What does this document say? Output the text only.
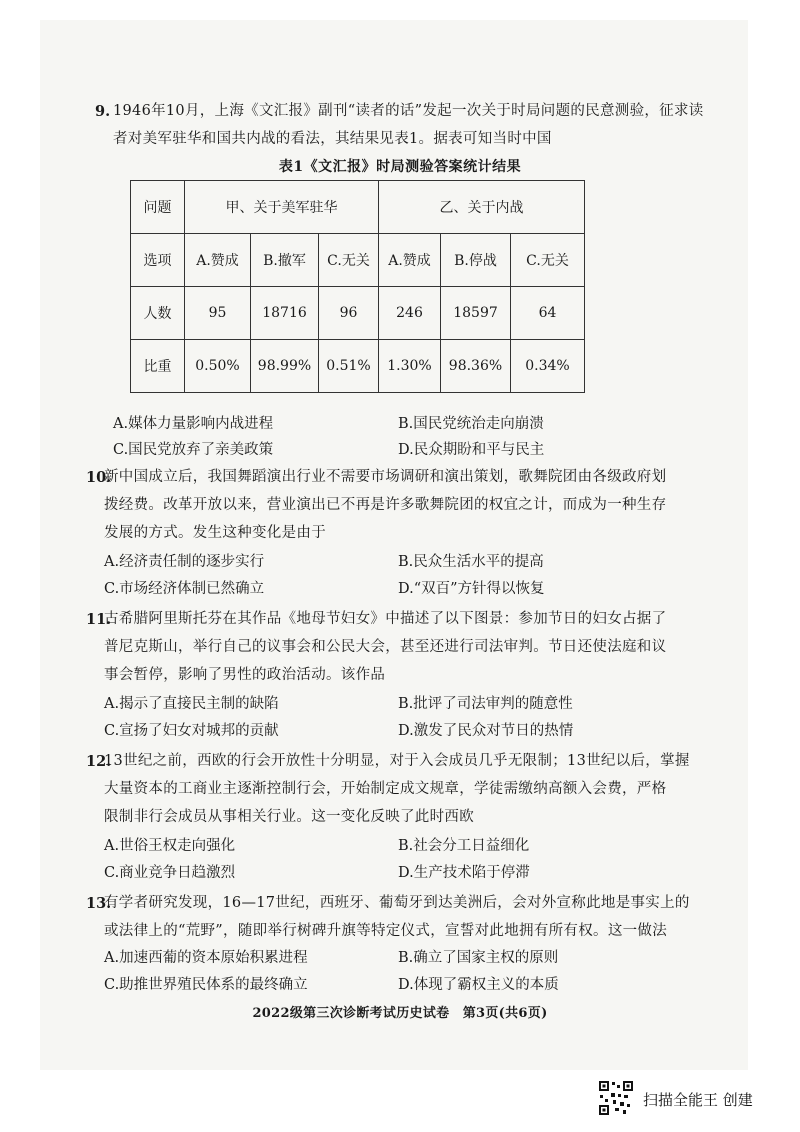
9. 1946年10月，上海《文汇报》副刊“读者的话”发起一次关于时局问题的民意测验，征求读
者对美军驻华和国共内战的看法，其结果见表1。据表可知当时中国
表1《文汇报》时局测验答案统计结果
问题	甲、关于美军驻华			乙、关于内战		
选项	A.赞成	B.撤军	C.无关	A.赞成	B.停战	C.无关
人数	95	18716	96	246	18597	64
比重	0.50%	98.99%	0.51%	1.30%	98.36%	0.34%
A.媒体力量影响内战进程	B.国民党统治走向崩溃
C.国民党放弃了亲美政策	D.民众期盼和平与民主
10.
新中国成立后，我国舞蹈演出行业不需要市场调研和演出策划，歌舞院团由各级政府划
拨经费。改革开放以来，营业演出已不再是许多歌舞院团的权宜之计，而成为一种生存
发展的方式。发生这种变化是由于
A.经济责任制的逐步实行	B.民众生活水平的提高
C.市场经济体制已然确立	D.“双百”方针得以恢复
11.
古希腊阿里斯托芬在其作品《地母节妇女》中描述了以下图景：参加节日的妇女占据了
普尼克斯山，举行自己的议事会和公民大会，甚至还进行司法审判。节日还使法庭和议
事会暂停，影响了男性的政治活动。该作品
A.揭示了直接民主制的缺陷	B.批评了司法审判的随意性
C.宣扬了妇女对城邦的贡献	D.激发了民众对节日的热情
12.
13世纪之前，西欧的行会开放性十分明显，对于入会成员几乎无限制；13世纪以后，掌握
大量资本的工商业主逐渐控制行会，开始制定成文规章，学徒需缴纳高额入会费，严格
限制非行会成员从事相关行业。这一变化反映了此时西欧
A.世俗王权走向强化	B.社会分工日益细化
C.商业竞争日趋激烈	D.生产技术陷于停滞
13.
有学者研究发现，16—17世纪，西班牙、葡萄牙到达美洲后，会对外宣称此地是事实上的
或法律上的“荒野”，随即举行树碑升旗等特定仪式，宣誓对此地拥有所有权。这一做法
A.加速西葡的资本原始积累进程	B.确立了国家主权的原则
C.助推世界殖民体系的最终确立	D.体现了霸权主义的本质
2022级第三次诊断考试历史试卷　第3页(共6页)
扫描全能王 创建
